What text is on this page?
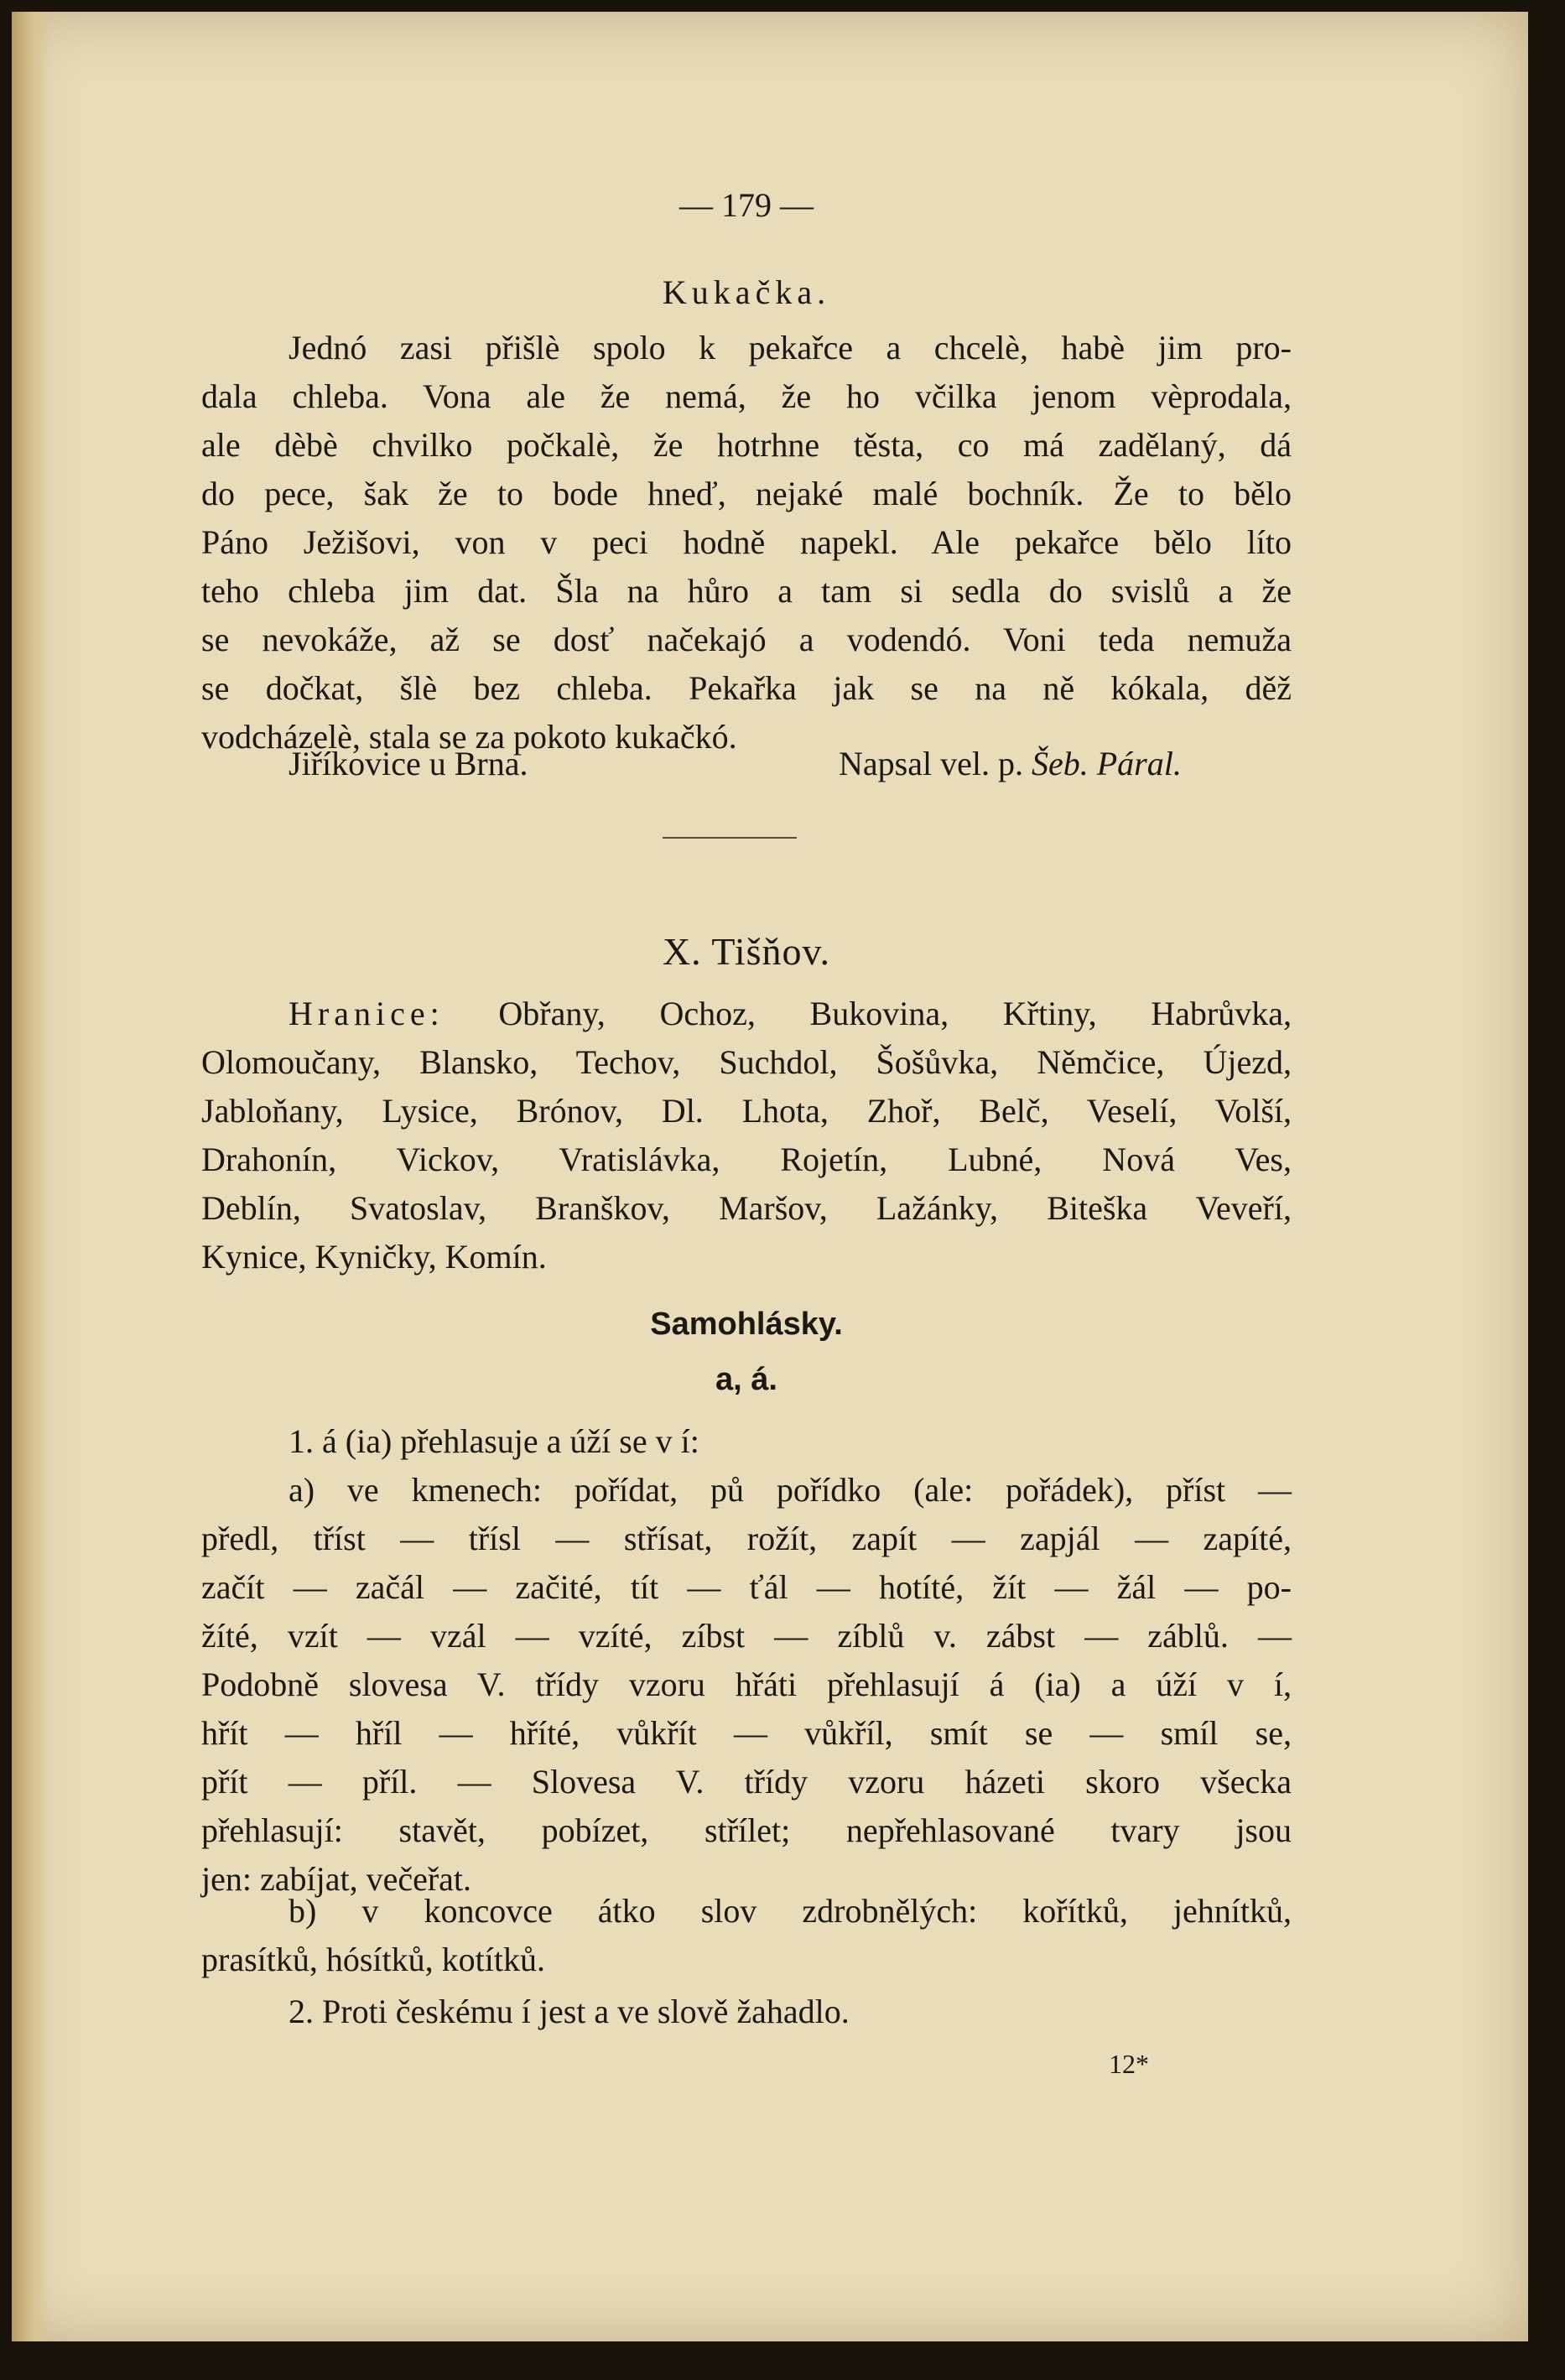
— 179 —
Kukačka.
Jednó zasi přišlè spolo k pekařce a chcelè, habè jim pro-
dala chleba. Vona ale že nemá, že ho včilka jenom vèprodala,
ale dèbè chvilko počkalè, že hotrhne těsta, co má zadělaný, dá
do pece, šak že to bode hneď, nejaké malé bochník. Že to bělo
Páno Ježišovi, von v peci hodně napekl. Ale pekařce bělo líto
teho chleba jim dat. Šla na hůro a tam si sedla do svislů a že
se nevokáže, až se dosť načekajó a vodendó. Voni teda nemuža
se dočkat, šlè bez chleba. Pekařka jak se na ně kókala, děž
vodcházelè, stala se za pokoto kukačkó.
Jiříkovice u Brna.	Napsal vel. p. Šeb. Páral.
X. Tišňov.
Hranice: Obřany, Ochoz, Bukovina, Křtiny, Habrůvka,
Olomoučany, Blansko, Techov, Suchdol, Šošůvka, Němčice, Újezd,
Jabloňany, Lysice, Brónov, Dl. Lhota, Zhoř, Belč, Veselí, Volší,
Drahonín, Vickov, Vratislávka, Rojetín, Lubné, Nová Ves,
Deblín, Svatoslav, Branškov, Maršov, Lažánky, Biteška Veveří,
Kynice, Kyničky, Komín.
Samohlásky.
a, á.
1. á (ia) přehlasuje a úží se v í:
a) ve kmenech: pořídat, pů pořídko (ale: pořádek), příst —
předl, tříst — třísl — střísat, rožít, zapít — zapjál — zapíté,
začít — začál — začité, tít — ťál — hotíté, žít — žál — po-
žíté, vzít — vzál — vzíté, zíbst — zíblů v. zábst — záblů. —
Podobně slovesa V. třídy vzoru hřáti přehlasují á (ia) a úží v í,
hřít — hříl — hříté, vůkřít — vůkříl, smít se — smíl se,
přít — příl. — Slovesa V. třídy vzoru házeti skoro všecka
přehlasují: stavět, pobízet, střílet; nepřehlasované tvary jsou
jen: zabíjat, večeřat.
b) v koncovce átko slov zdrobnělých: kořítků, jehnítků,
prasítků, hósítků, kotítků.
2. Proti českému í jest a ve slově žahadlo.
12*
